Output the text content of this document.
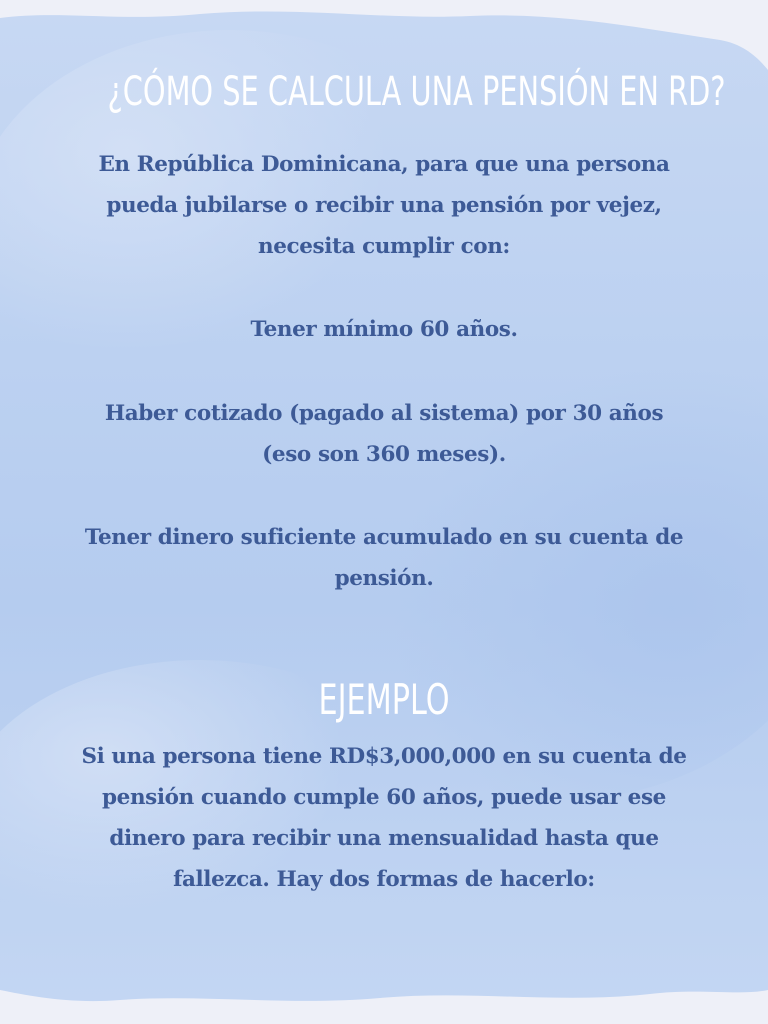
¿CÓMO SE CALCULA UNA PENSIÓN EN RD?
En República Dominicana, para que una persona pueda jubilarse o recibir una pensión por vejez, necesita cumplir con:
Tener mínimo 60 años.
Haber cotizado (pagado al sistema) por 30 años (eso son 360 meses).
Tener dinero suficiente acumulado en su cuenta de pensión.
EJEMPLO
Si una persona tiene RD$3,000,000 en su cuenta de pensión cuando cumple 60 años, puede usar ese dinero para recibir una mensualidad hasta que fallezca. Hay dos formas de hacerlo:
